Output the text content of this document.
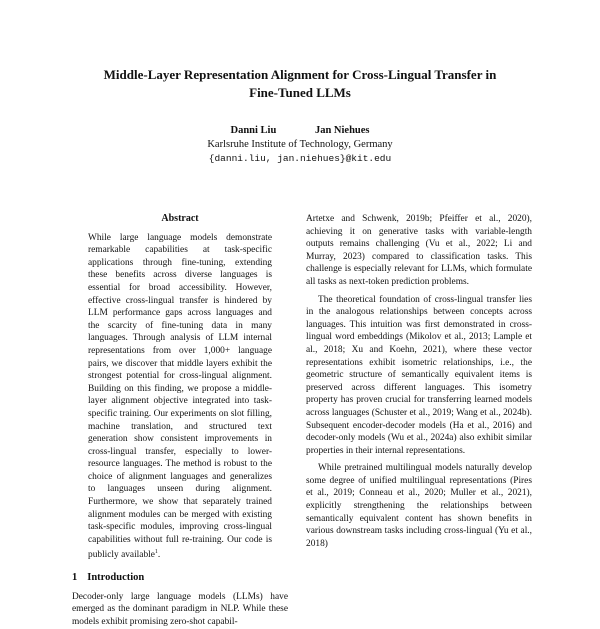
Middle-Layer Representation Alignment for Cross-Lingual Transfer in
Fine-Tuned LLMs
Danni Liu	Jan Niehues
Karlsruhe Institute of Technology, Germany
{danni.liu, jan.niehues}@kit.edu
Abstract
While large language models demonstrate remarkable capabilities at task-specific applications through fine-tuning, extending these benefits across diverse languages is essential for broad accessibility. However, effective cross-lingual transfer is hindered by LLM performance gaps across languages and the scarcity of fine-tuning data in many languages. Through analysis of LLM internal representations from over 1,000+ language pairs, we discover that middle layers exhibit the strongest potential for cross-lingual alignment. Building on this finding, we propose a middle-layer alignment objective integrated into task-specific training. Our experiments on slot filling, machine translation, and structured text generation show consistent improvements in cross-lingual transfer, especially to lower-resource languages. The method is robust to the choice of alignment languages and generalizes to languages unseen during alignment. Furthermore, we show that separately trained alignment modules can be merged with existing task-specific modules, improving cross-lingual capabilities without full re-training. Our code is publicly available$^1$.
1 Introduction

Decoder-only large language models (LLMs) have emerged as the dominant paradigm in NLP. While these models exhibit promising zero-shot capabil-

Artetxe and Schwenk, 2019b; Pfeiffer et al., 2020), achieving it on generative tasks with variable-length outputs remains challenging (Vu et al., 2022; Li and Murray, 2023) compared to classification tasks. This challenge is especially relevant for LLMs, which formulate all tasks as next-token prediction problems.

The theoretical foundation of cross-lingual transfer lies in the analogous relationships between concepts across languages. This intuition was first demonstrated in cross-lingual word embeddings (Mikolov et al., 2013; Lample et al., 2018; Xu and Koehn, 2021), where these vector representations exhibit isometric relationships, i.e., the geometric structure of semantically equivalent items is preserved across different languages. This isometry property has proven crucial for transferring learned models across languages (Schuster et al., 2019; Wang et al., 2024b). Subsequent encoder-decoder models (Ha et al., 2016) and decoder-only models (Wu et al., 2024a) also exhibit similar properties in their internal representations.

While pretrained multilingual models naturally develop some degree of unified multilingual representations (Pires et al., 2019; Conneau et al., 2020; Muller et al., 2021), explicitly strengthening the relationships between semantically equivalent content has shown benefits in various downstream tasks including cross-lingual (Yu et al., 2018)
